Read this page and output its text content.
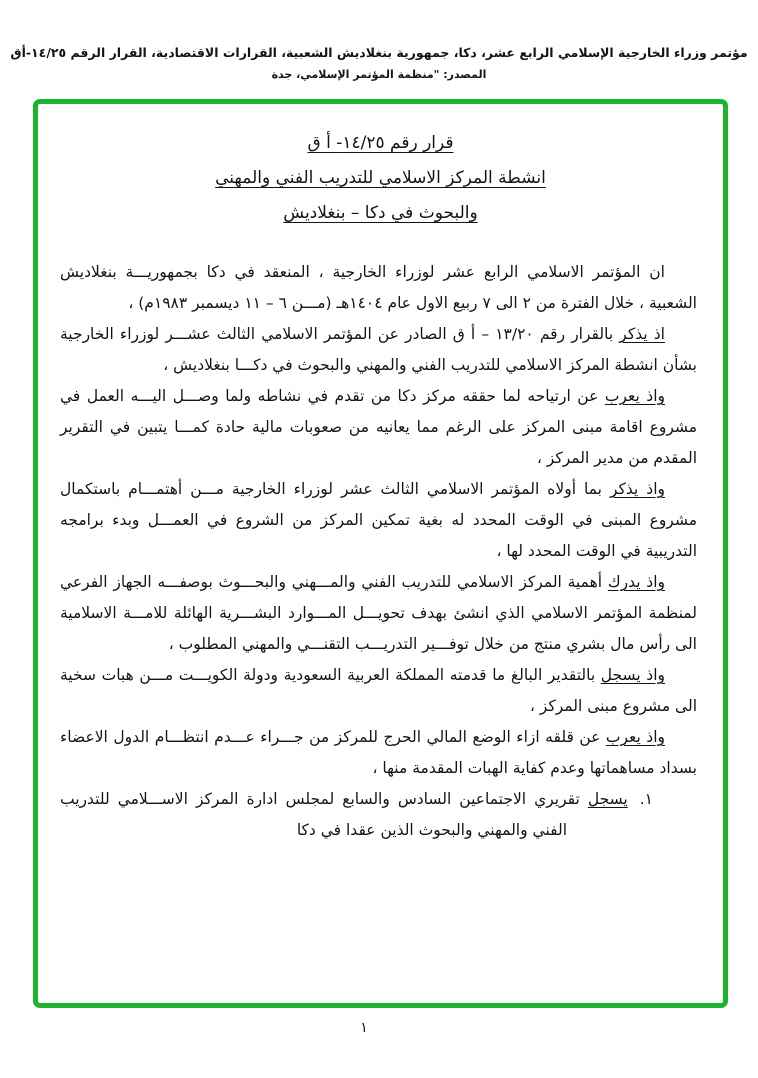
مؤتمر وزراء الخارجية الإسلامي الرابع عشر، دكا، جمهورية بنغلاديش الشعبية، القرارات الاقتصادية، القرار الرقم ٢٥‏/‏١٤-أق
المصدر: "منظمة المؤتمر الإسلامي، جدة
قرار رقم ٢٥‏/‏١٤- أ ق
انشطة المركز الاسلامي للتدريب الفني والمهني
والبحوث في دكا – بنغلاديش

ان المؤتمر الاسلامي الرابع عشر لوزراء الخارجية ، المنعقد في دكا بجمهوريـــة بنغلاديش الشعبية ، خلال الفترة من ٢ الى ٧ ربيع الاول عام ١٤٠٤هـ (مـــن ٦ – ١١ ديسمبر ١٩٨٣م) ،

اذ يذكر بالقرار رقم ٢٠‏/‏١٣ – أ ق الصادر عن المؤتمر الاسلامي الثالث عشـــر لوزراء الخارجية بشأن انشطة المركز الاسلامي للتدريب الفني والمهني والبحوث في دكـــا بنغلاديش ،

واذ يعرب عن ارتياحه لما حققه مركز دكا من تقدم في نشاطه ولما وصـــل اليـــه العمل في مشروع اقامة مبنى المركز على الرغم مما يعانيه من صعوبات مالية حادة كمـــا يتبين في التقرير المقدم من مدير المركز ،

واذ يذكر بما أولاه المؤتمر الاسلامي الثالث عشر لوزراء الخارجية مـــن أهتمـــام باستكمال مشروع المبنى في الوقت المحدد له بغية تمكين المركز من الشروع في العمـــل وبدء برامجه التدريبية في الوقت المحدد لها ،

واذ يدرك أهمية المركز الاسلامي للتدريب الفني والمـــهني والبحـــوث بوصفـــه الجهاز الفرعي لمنظمة المؤتمر الاسلامي الذي انشئ بهدف تحويـــل المـــوارد البشـــرية الهائلة للامـــة الاسلامية الى رأس مال بشري منتج من خلال توفـــير التدريـــب التقنـــي والمهني المطلوب ،

واذ يسجل بالتقدير البالغ ما قدمته المملكة العربية السعودية ودولة الكويـــت مـــن هبات سخية الى مشروع مبنى المركز ،

واذ يعرب عن قلقه ازاء الوضع المالي الحرج للمركز من جـــراء عـــدم انتظـــام الدول الاعضاء بسداد مساهماتها وعدم كفاية الهبات المقدمة منها ،

١.يسجل تقريري الاجتماعين السادس والسابع لمجلس ادارة المركز الاســـلامي للتدريب الفني والمهني والبحوث الذين عقدا في دكا
١
